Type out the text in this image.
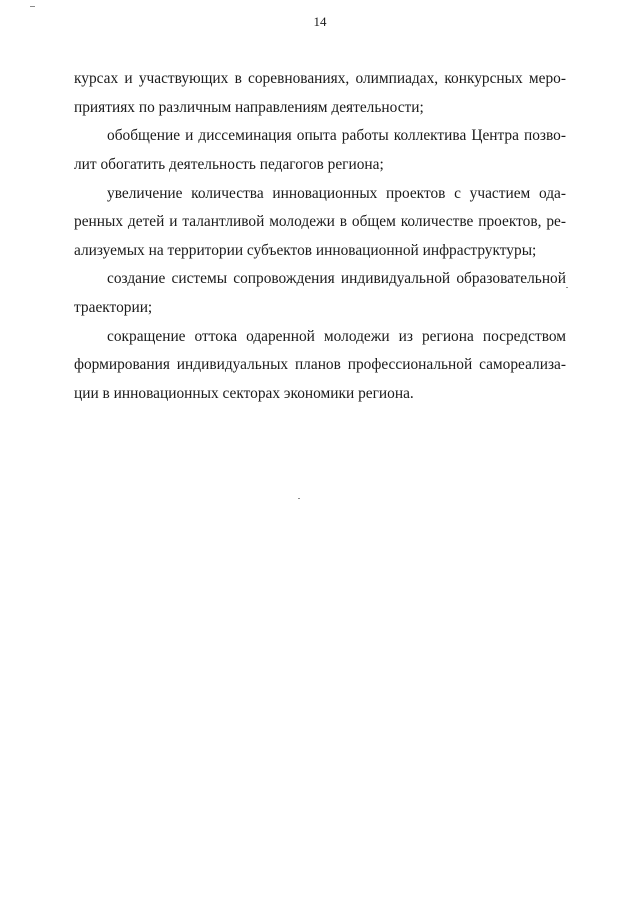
14
курсах и участвующих в соревнованиях, олимпиадах, конкурсных меро-
приятиях по различным направлениям деятельности;
обобщение и диссеминация опыта работы коллектива Центра позво-
лит обогатить деятельность педагогов региона;
увеличение количества инновационных проектов с участием ода-
ренных детей и талантливой молодежи в общем количестве проектов, ре-
ализуемых на территории субъектов инновационной инфраструктуры;
создание системы сопровождения индивидуальной образовательной
траектории;
сокращение оттока одаренной молодежи из региона посредством
формирования индивидуальных планов профессиональной самореализа-
ции в инновационных секторах экономики региона.
